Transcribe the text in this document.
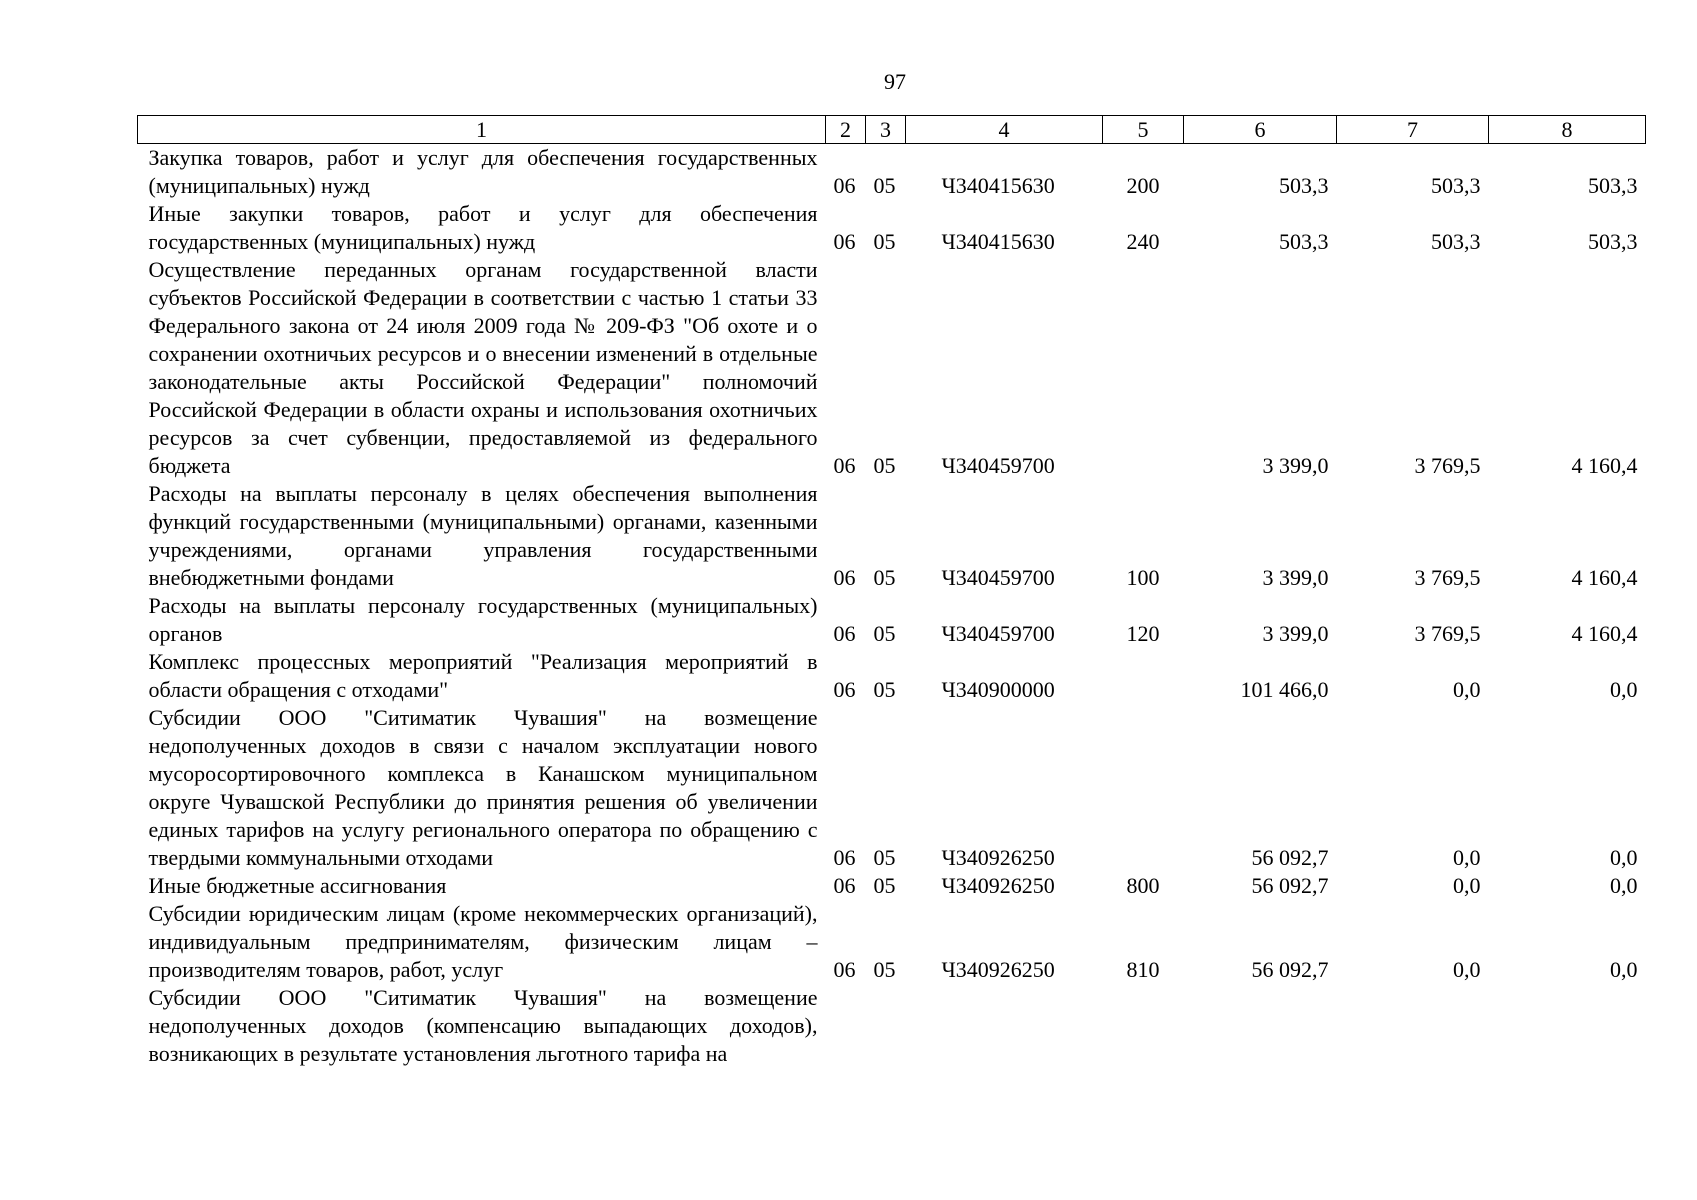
97
1	2	3	4	5	6	7	8
Закупка товаров, работ и услуг для обеспечения государственных (муниципальных) нужд	06	05	Ч340415630	200	503,3	503,3	503,3
Иные закупки товаров, работ и услуг для обеспечения государственных (муниципальных) нужд	06	05	Ч340415630	240	503,3	503,3	503,3
Осуществление переданных органам государственной власти субъектов Российской Федерации в соответствии с частью 1 статьи 33 Федерального закона от 24 июля 2009 года № 209-ФЗ "Об охоте и о сохранении охотничьих ресурсов и о внесении изменений в отдельные законодательные акты Российской Федерации" полномочий Российской Федерации в области охраны и использования охотничьих ресурсов за счет субвенции, предоставляемой из федерального бюджета	06	05	Ч340459700		3 399,0	3 769,5	4 160,4
Расходы на выплаты персоналу в целях обеспечения выполнения функций государственными (муниципальными) органами, казенными учреждениями, органами управления государственными внебюджетными фондами	06	05	Ч340459700	100	3 399,0	3 769,5	4 160,4
Расходы на выплаты персоналу государственных (муниципальных) органов	06	05	Ч340459700	120	3 399,0	3 769,5	4 160,4
Комплекс процессных мероприятий "Реализация мероприятий в области обращения с отходами"	06	05	Ч340900000		101 466,0	0,0	0,0
Субсидии ООО "Ситиматик Чувашия" на возмещение недополученных доходов в связи с началом эксплуатации нового мусоросортировочного комплекса в Канашском муниципальном округе Чувашской Республики до принятия решения об увеличении единых тарифов на услугу регионального оператора по обращению с твердыми коммунальными отходами	06	05	Ч340926250		56 092,7	0,0	0,0
Иные бюджетные ассигнования	06	05	Ч340926250	800	56 092,7	0,0	0,0
Субсидии юридическим лицам (кроме некоммерческих организаций), индивидуальным предпринимателям, физическим лицам – производителям товаров, работ, услуг	06	05	Ч340926250	810	56 092,7	0,0	0,0
Субсидии ООО "Ситиматик Чувашия" на возмещение недополученных доходов (компенсацию выпадающих доходов), возникающих в результате установления льготного тарифа на							
